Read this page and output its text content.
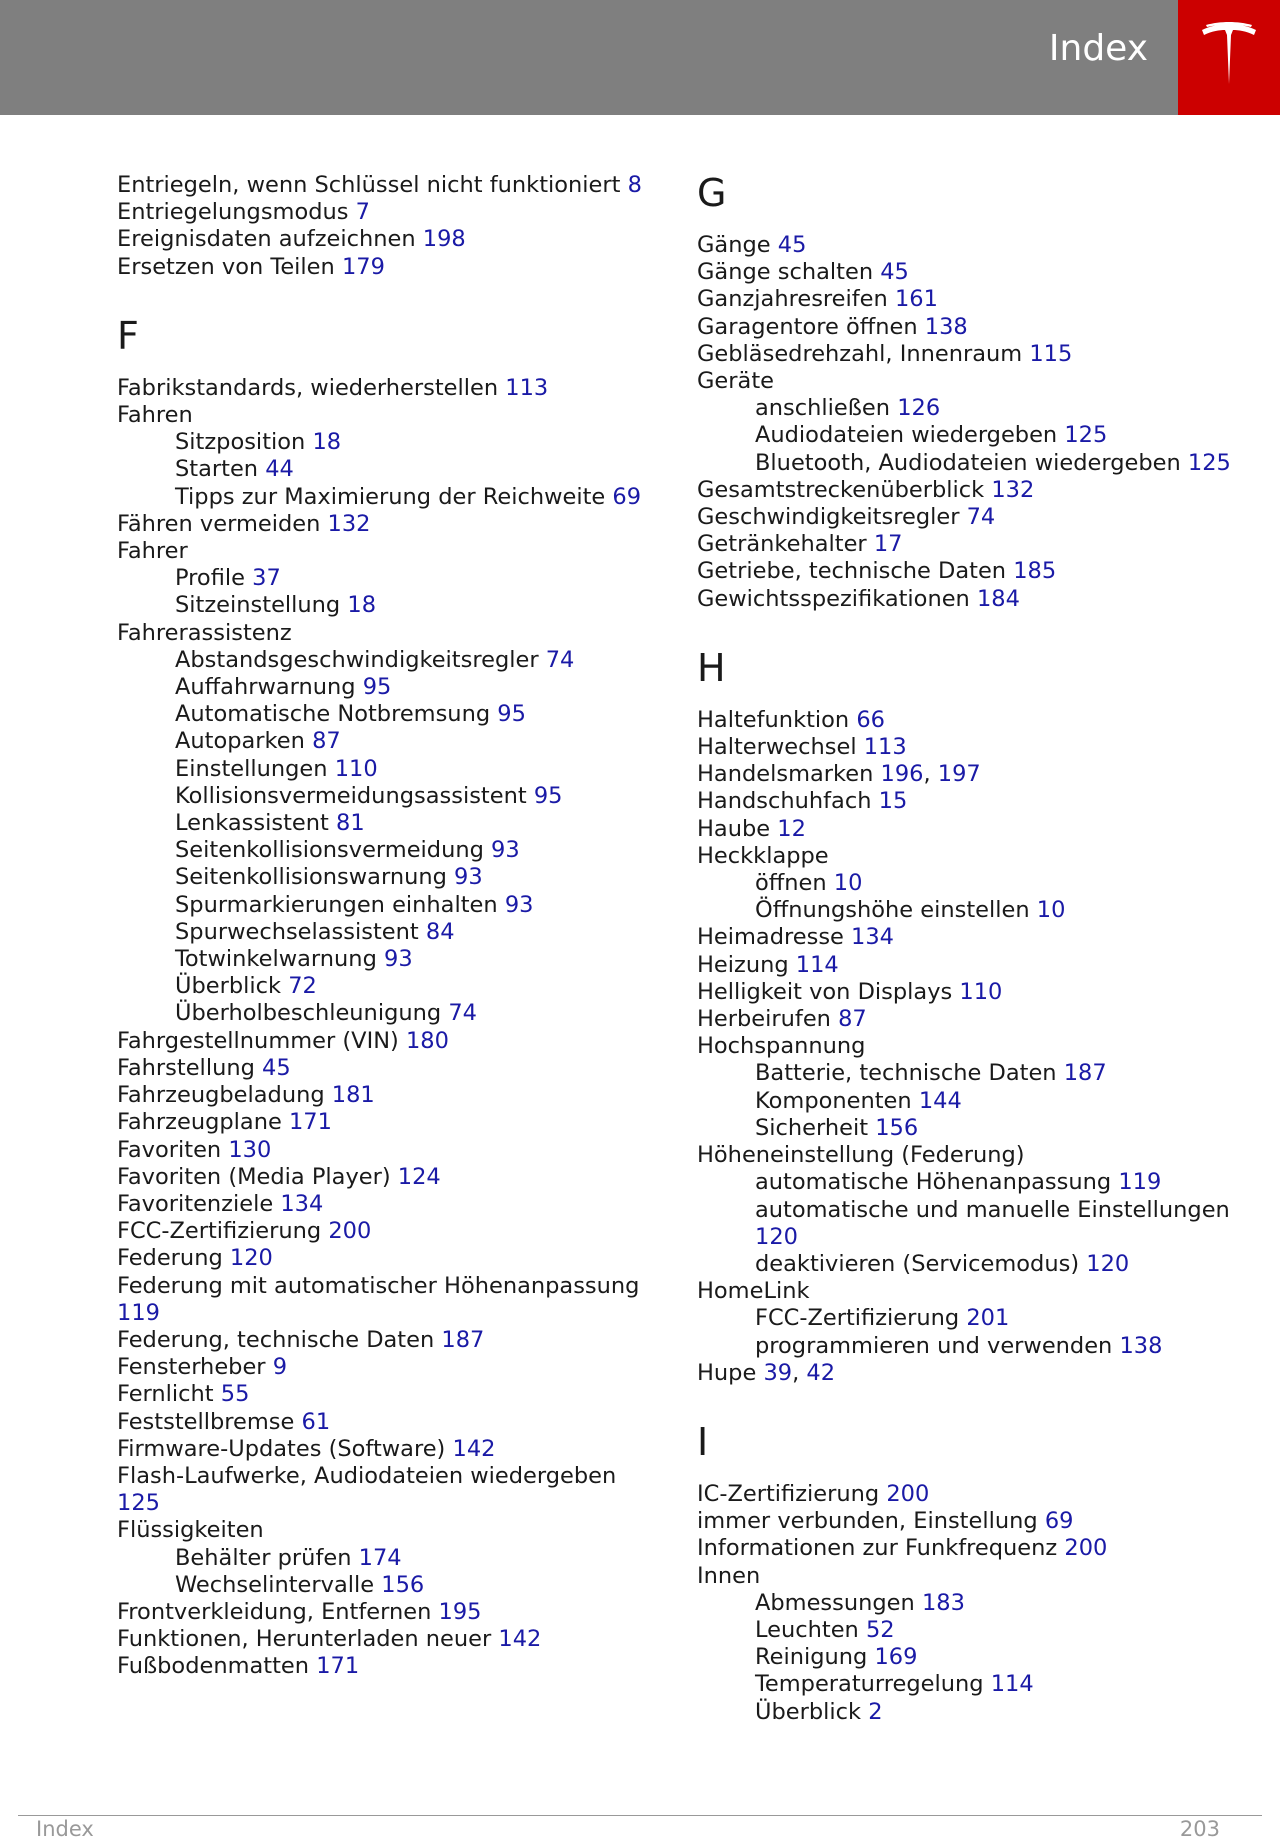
Index
Entriegeln, wenn Schlüssel nicht funktioniert 8
Entriegelungsmodus 7
Ereignisdaten aufzeichnen 198
Ersetzen von Teilen 179
F
Fabrikstandards, wiederherstellen 113
Fahren
Sitzposition 18
Starten 44
Tipps zur Maximierung der Reichweite 69
Fähren vermeiden 132
Fahrer
Profile 37
Sitzeinstellung 18
Fahrerassistenz
Abstandsgeschwindigkeitsregler 74
Auffahrwarnung 95
Automatische Notbremsung 95
Autoparken 87
Einstellungen 110
Kollisionsvermeidungsassistent 95
Lenkassistent 81
Seitenkollisionsvermeidung 93
Seitenkollisionswarnung 93
Spurmarkierungen einhalten 93
Spurwechselassistent 84
Totwinkelwarnung 93
Überblick 72
Überholbeschleunigung 74
Fahrgestellnummer (VIN) 180
Fahrstellung 45
Fahrzeugbeladung 181
Fahrzeugplane 171
Favoriten 130
Favoriten (Media Player) 124
Favoritenziele 134
FCC-Zertifizierung 200
Federung 120
Federung mit automatischer Höhenanpassung 119
Federung, technische Daten 187
Fensterheber 9
Fernlicht 55
Feststellbremse 61
Firmware-Updates (Software) 142
Flash-Laufwerke, Audiodateien wiedergeben 125
Flüssigkeiten
Behälter prüfen 174
Wechselintervalle 156
Frontverkleidung, Entfernen 195
Funktionen, Herunterladen neuer 142
Fußbodenmatten 171
G
Gänge 45
Gänge schalten 45
Ganzjahresreifen 161
Garagentore öffnen 138
Gebläsedrehzahl, Innenraum 115
Geräte
anschließen 126
Audiodateien wiedergeben 125
Bluetooth, Audiodateien wiedergeben 125
Gesamtstreckenüberblick 132
Geschwindigkeitsregler 74
Getränkehalter 17
Getriebe, technische Daten 185
Gewichtsspezifikationen 184
H
Haltefunktion 66
Halterwechsel 113
Handelsmarken 196, 197
Handschuhfach 15
Haube 12
Heckklappe
öffnen 10
Öffnungshöhe einstellen 10
Heimadresse 134
Heizung 114
Helligkeit von Displays 110
Herbeirufen 87
Hochspannung
Batterie, technische Daten 187
Komponenten 144
Sicherheit 156
Höheneinstellung (Federung)
automatische Höhenanpassung 119
automatische und manuelle Einstellungen 120
deaktivieren (Servicemodus) 120
HomeLink
FCC-Zertifizierung 201
programmieren und verwenden 138
Hupe 39, 42
I
IC-Zertifizierung 200
immer verbunden, Einstellung 69
Informationen zur Funkfrequenz 200
Innen
Abmessungen 183
Leuchten 52
Reinigung 169
Temperaturregelung 114
Überblick 2
Index	203
